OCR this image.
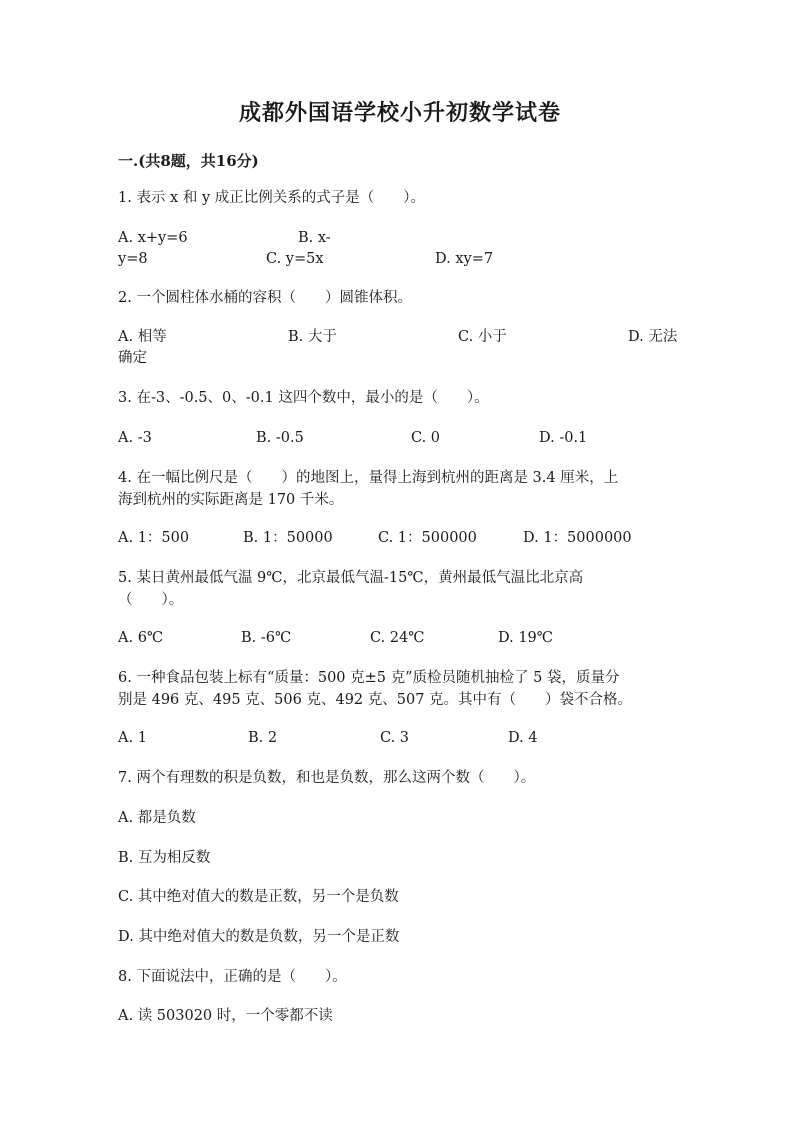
成都外国语学校小升初数学试卷
一.(共8题，共16分)
1. 表示 x 和 y 成正比例关系的式子是（　　）。
A. x+y=6	B. x-
y=8	C. y=5x	D. xy=7
2. 一个圆柱体水桶的容积（　　）圆锥体积。
A. 相等	B. 大于	C. 小于	D. 无法
确定
3. 在-3、-0.5、0、-0.1 这四个数中，最小的是（　　）。
A. -3	B. -0.5	C. 0	D. -0.1
4. 在一幅比例尺是（　　）的地图上，量得上海到杭州的距离是 3.4 厘米，上
海到杭州的实际距离是 170 千米。
A. 1：500	B. 1：50000	C. 1：500000	D. 1：5000000
5. 某日黄州最低气温 9℃，北京最低气温-15℃，黄州最低气温比北京高
（　　）。
A. 6℃	B. -6℃	C. 24℃	D. 19℃
6. 一种食品包装上标有“质量：500 克±5 克”质检员随机抽检了 5 袋，质量分
别是 496 克、495 克、506 克、492 克、507 克。其中有（　　）袋不合格。
A. 1	B. 2	C. 3	D. 4
7. 两个有理数的积是负数，和也是负数，那么这两个数（　　）。
A. 都是负数
B. 互为相反数
C. 其中绝对值大的数是正数，另一个是负数
D. 其中绝对值大的数是负数，另一个是正数
8. 下面说法中，正确的是（　　）。
A. 读 503020 时，一个零都不读
